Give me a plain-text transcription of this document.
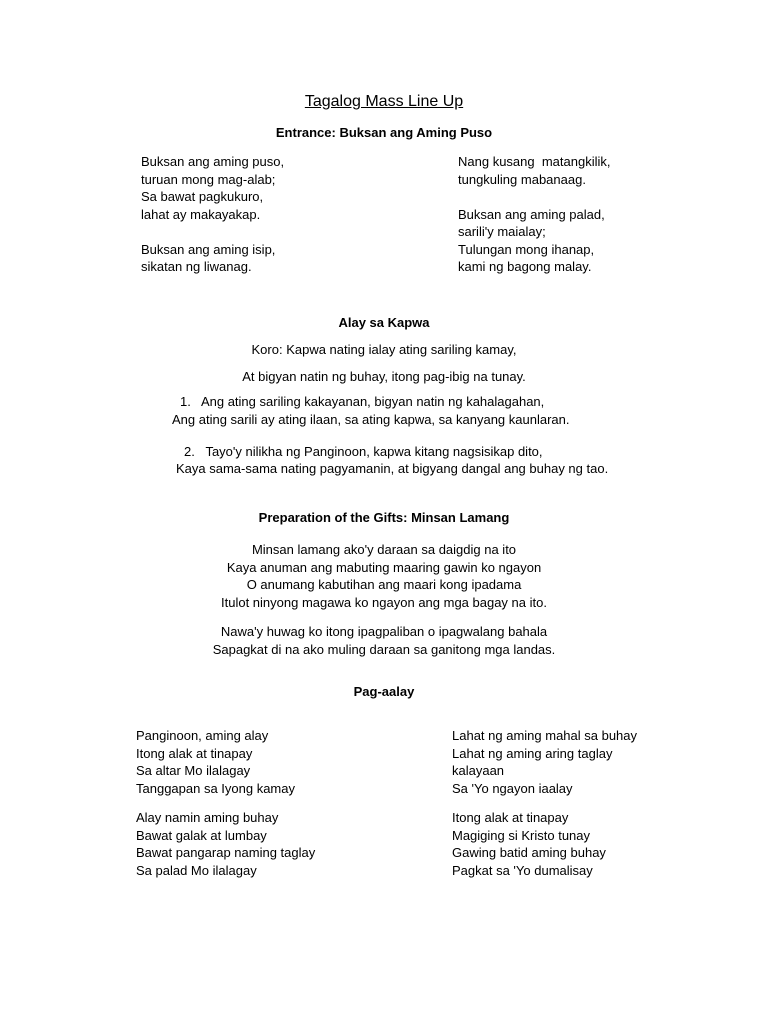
Tagalog Mass Line Up
Entrance: Buksan ang Aming Puso
Buksan ang aming puso,
turuan mong mag-alab;
Sa bawat pagkukuro,
lahat ay makayakap.
Buksan ang aming isip,
sikatan ng liwanag.
Nang kusang  matangkilik,
tungkuling mabanaag.
Buksan ang aming palad,
sarili'y maialay;
Tulungan mong ihanap,
kami ng bagong malay.
Alay sa Kapwa
Koro: Kapwa nating ialay ating sariling kamay,
At bigyan natin ng buhay, itong pag-ibig na tunay.
1.   Ang ating sariling kakayanan, bigyan natin ng kahalagahan,
Ang ating sarili ay ating ilaan, sa ating kapwa, sa kanyang kaunlaran.
2.   Tayo'y nilikha ng Panginoon, kapwa kitang nagsisikap dito,
Kaya sama-sama nating pagyamanin, at bigyang dangal ang buhay ng tao.
Preparation of the Gifts: Minsan Lamang
Minsan lamang ako'y daraan sa daigdig na ito
Kaya anuman ang mabuting maaring gawin ko ngayon
O anumang kabutihan ang maari kong ipadama
Itulot ninyong magawa ko ngayon ang mga bagay na ito.
Nawa'y huwag ko itong ipagpaliban o ipagwalang bahala
Sapagkat di na ako muling daraan sa ganitong mga landas.
Pag-aalay
Panginoon, aming alay
Itong alak at tinapay
Sa altar Mo ilalagay
Tanggapan sa Iyong kamay
Alay namin aming buhay
Bawat galak at lumbay
Bawat pangarap naming taglay
Sa palad Mo ilalagay
Lahat ng aming mahal sa buhay
Lahat ng aming aring taglay
kalayaan
Sa 'Yo ngayon iaalay
Itong alak at tinapay
Magiging si Kristo tunay
Gawing batid aming buhay
Pagkat sa 'Yo dumalisay
